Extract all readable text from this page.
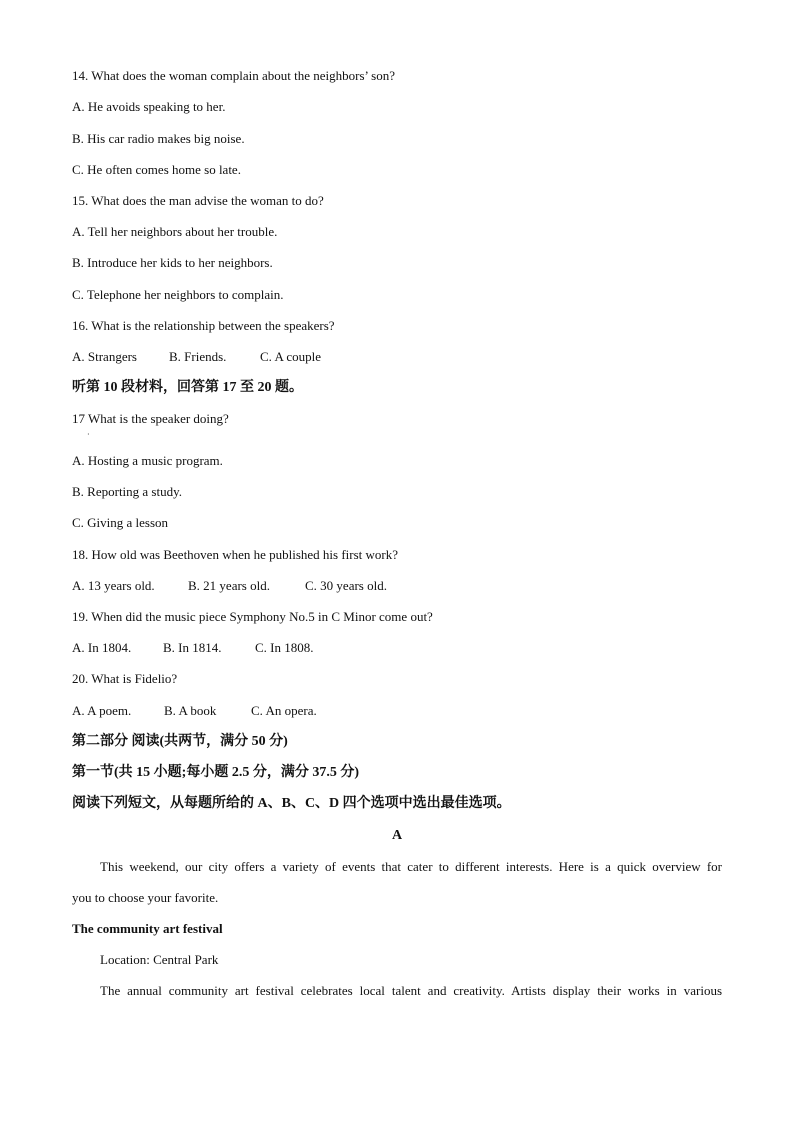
14. What does the woman complain about the neighbors’ son?
A. He avoids speaking to her.
B. His car radio makes big noise.
C. He often comes home so late.
15. What does the man advise the woman to do?
A. Tell her neighbors about her trouble.
B. Introduce her kids to her neighbors.
C. Telephone her neighbors to complain.
16. What is the relationship between the speakers?
A. Strangers B. Friends.	C. A couple
听第 10 段材料，回答第 17 至 20 题。
17 What is the speaker doing?
·
A. Hosting a music program.
B. Reporting a study.
C. Giving a lesson
18. How old was Beethoven when he published his first work?
A. 13 years old.	B. 21 years old.	C. 30 years old.
19. When did the music piece Symphony No.5 in C Minor come out?
A. In 1804. B. In 1814.	C. In 1808.
20. What is Fidelio?
A. A poem.	B. A book	C. An opera.
第二部分 阅读(共两节，满分 50 分)
第一节(共 15 小题;每小题 2.5 分，满分 37.5 分)
阅读下列短文，从每题所给的 A、B、C、D 四个选项中选出最佳选项。
A
This weekend, our city offers a variety of events that cater to different interests. Here is a quick overview for
you to choose your favorite.
The community art festival
Location: Central Park
The annual community art festival celebrates local talent and creativity. Artists display their works in various
